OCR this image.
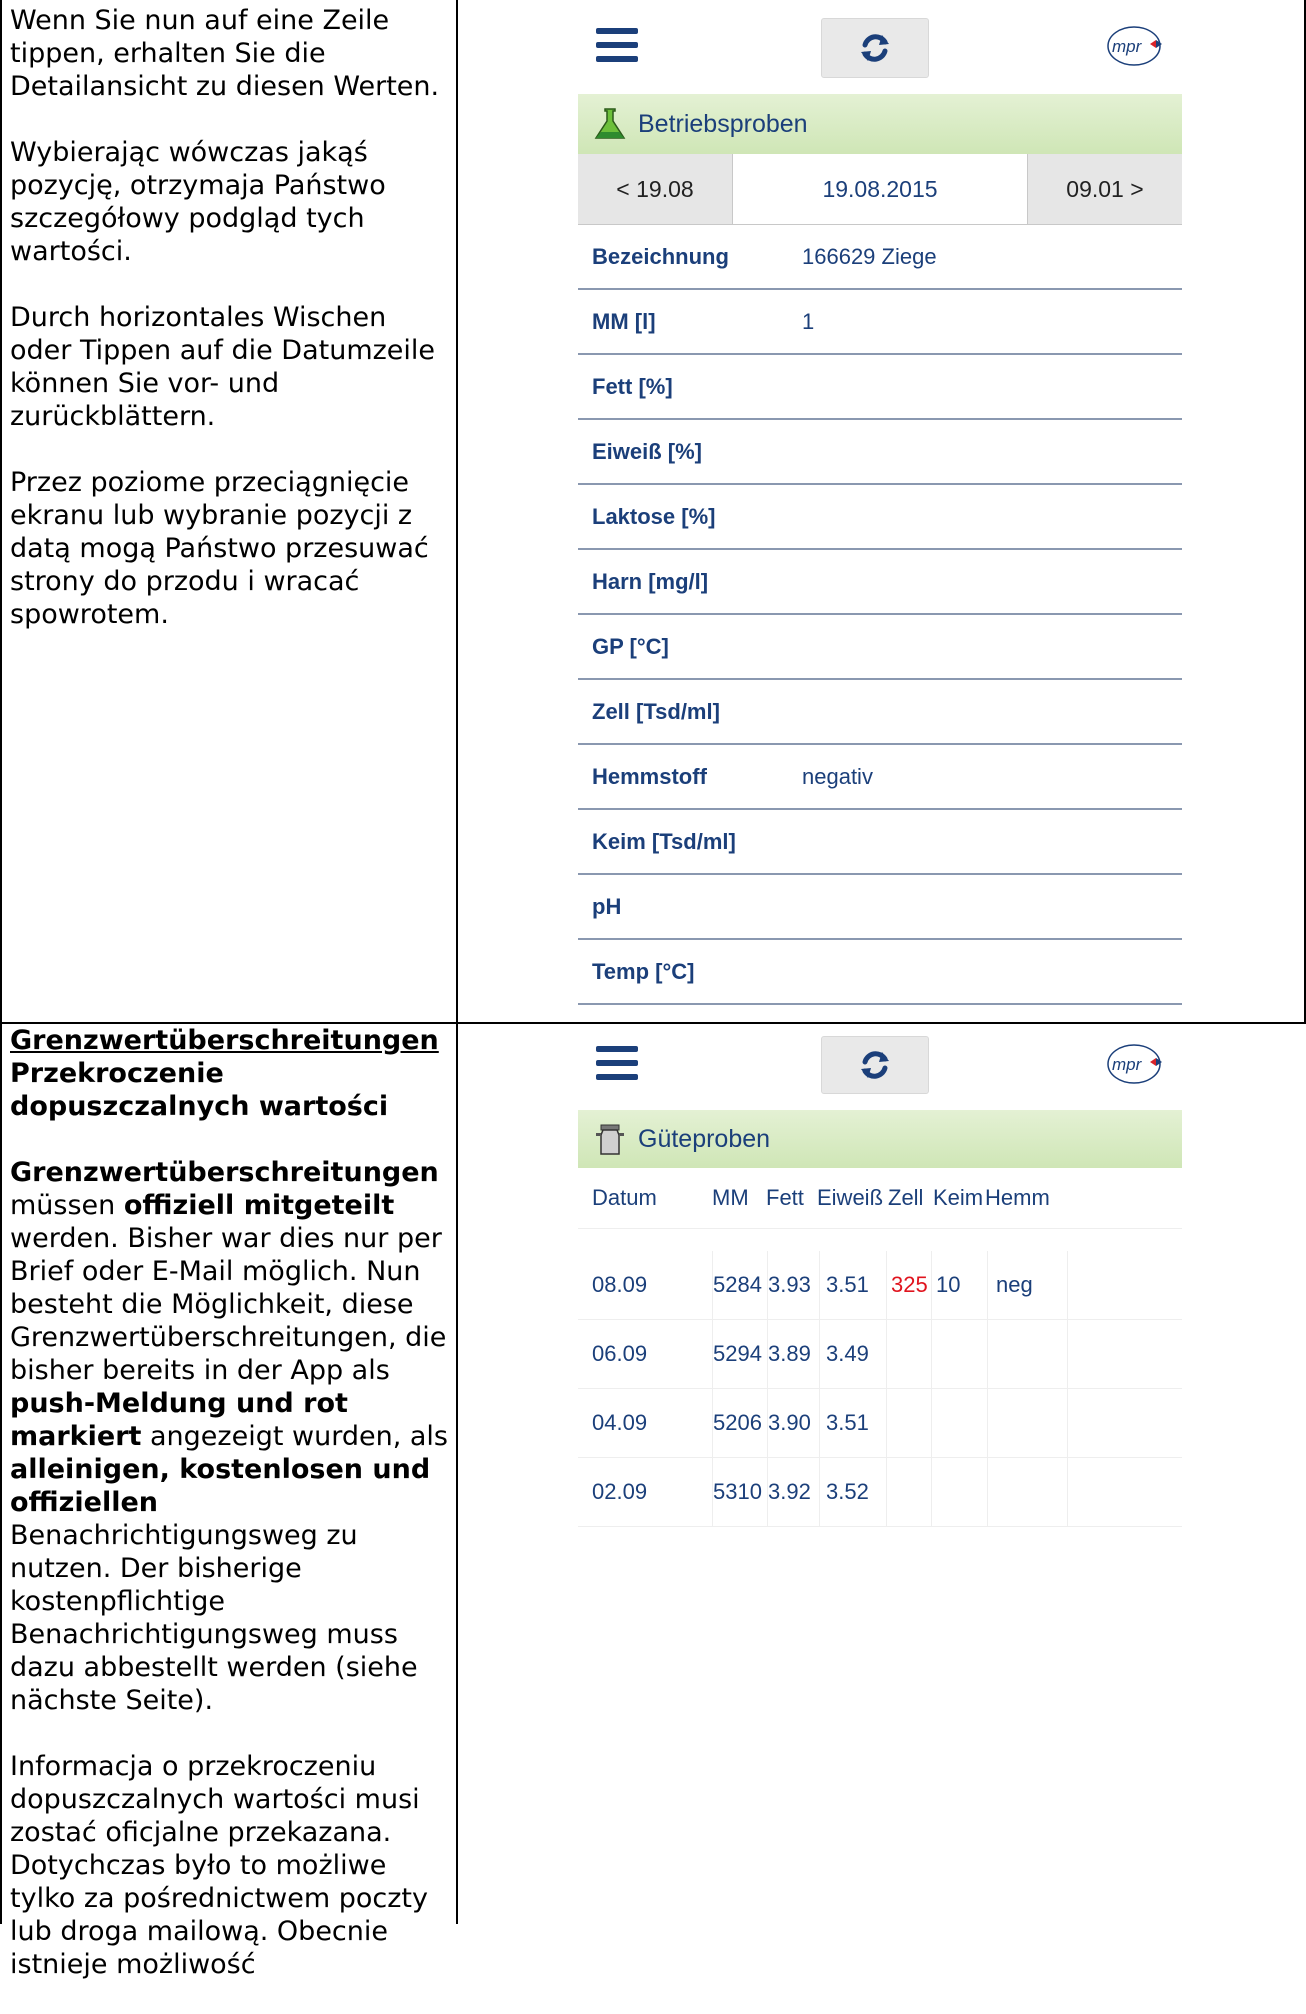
Wenn Sie nun auf eine Zeile tippen, erhalten Sie die Detailansicht zu diesen Werten.

Wybierając wówczas jakąś pozycję, otrzymaja Państwo szczegółowy podgląd tych wartości.

Durch horizontales Wischen oder Tippen auf die Datumzeile können Sie vor- und zurückblättern.

Przez poziome przeciągnięcie ekranu lub wybranie pozycji z datą mogą Państwo przesuwać strony do przodu i wracać spowrotem.

Grenzwertüberschreitungen

Przekroczenie dopuszczalnych wartości

Grenzwertüberschreitungen müssen offiziell mitgeteilt werden. Bisher war dies nur per Brief oder E-Mail möglich. Nun besteht die Möglichkeit, diese Grenzwertüberschreitungen, die bisher bereits in der App als push-Meldung und rot markiert angezeigt wurden, als alleinigen, kostenlosen und offiziellen Benachrichtigungsweg zu nutzen. Der bisherige kostenpflichtige Benachrichtigungsweg muss dazu abbestellt werden (siehe nächste Seite).

Informacja o przekroczeniu dopuszczalnych wartości musi zostać oficjalne przekazana. Dotychczas było to możliwe tylko za pośrednictwem poczty lub droga mailową. Obecnie istnieje możliwość

mpr
Betriebsproben
< 19.08	19.08.2015	09.01 >
Bezeichnung	166629 Ziege
MM [l]	1
Fett [%]
Eiweiß [%]
Laktose [%]
Harn [mg/l]
GP [°C]
Zell [Tsd/ml]
Hemmstoff	negativ
Keim [Tsd/ml]
pH
Temp [°C]
mpr
Güteproben
Datum	MM Fett Eiweiß Zell Keim Hemm
08.09	5284 3.93 3.51	325 10	neg
06.09	5294 3.89 3.49
04.09	5206 3.90 3.51
02.09	5310 3.92 3.52
